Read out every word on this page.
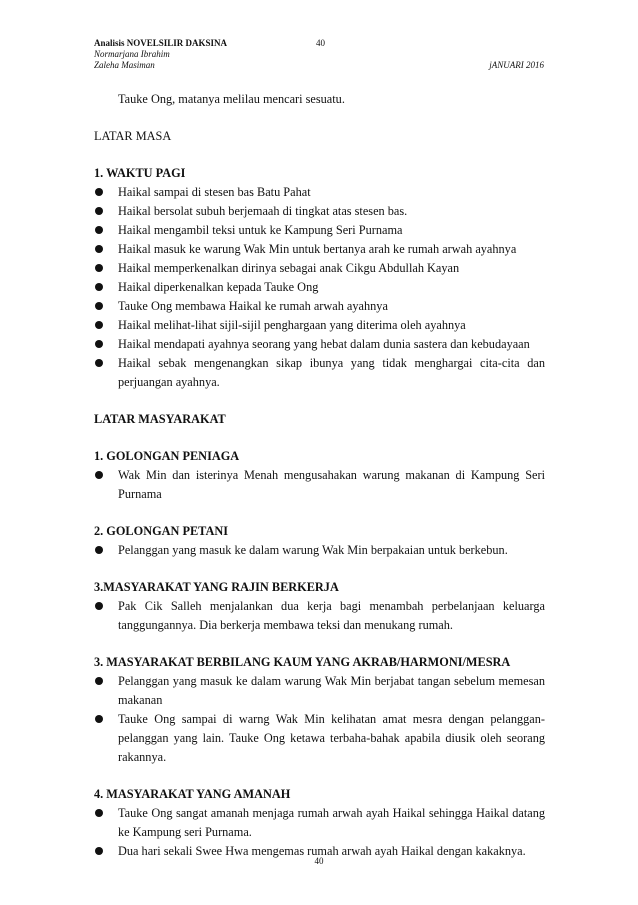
Analisis NOVELSILIR DAKSINA	40
Normarjana Ibrahim
Zaleha Masiman	jANUARI 2016

Tauke Ong, matanya melilau mencari sesuatu.

LATAR MASA

1. WAKTU PAGI

Haikal sampai di stesen bas Batu Pahat
Haikal bersolat subuh berjemaah di tingkat atas stesen bas.
Haikal mengambil teksi untuk ke Kampung Seri Purnama
Haikal masuk ke warung Wak Min untuk bertanya arah ke rumah arwah ayahnya
Haikal memperkenalkan dirinya sebagai anak Cikgu Abdullah Kayan
Haikal diperkenalkan kepada Tauke Ong
Tauke Ong membawa Haikal ke rumah arwah ayahnya
Haikal melihat-lihat sijil-sijil penghargaan yang diterima oleh ayahnya
Haikal mendapati ayahnya seorang yang hebat dalam dunia sastera dan kebudayaan
Haikal sebak mengenangkan sikap ibunya yang tidak menghargai cita-cita dan perjuangan ayahnya.

LATAR MASYARAKAT

1. GOLONGAN PENIAGA

Wak Min dan isterinya Menah mengusahakan warung makanan di Kampung Seri Purnama

2. GOLONGAN PETANI

Pelanggan yang masuk ke dalam warung Wak Min berpakaian untuk berkebun.

3.MASYARAKAT YANG RAJIN BERKERJA

Pak Cik Salleh menjalankan dua kerja bagi menambah perbelanjaan keluarga tanggungannya. Dia berkerja membawa teksi dan menukang rumah.

3. MASYARAKAT BERBILANG KAUM YANG AKRAB/HARMONI/MESRA

Pelanggan yang masuk ke dalam warung Wak Min berjabat tangan sebelum memesan makanan
Tauke Ong sampai di warng Wak Min kelihatan amat mesra dengan pelanggan-pelanggan yang lain. Tauke Ong ketawa terbaha-bahak apabila diusik oleh seorang rakannya.

4. MASYARAKAT YANG AMANAH

Tauke Ong sangat amanah menjaga rumah arwah ayah Haikal sehingga Haikal datang ke Kampung seri Purnama.
Dua hari sekali Swee Hwa mengemas rumah arwah ayah Haikal dengan kakaknya.
40
